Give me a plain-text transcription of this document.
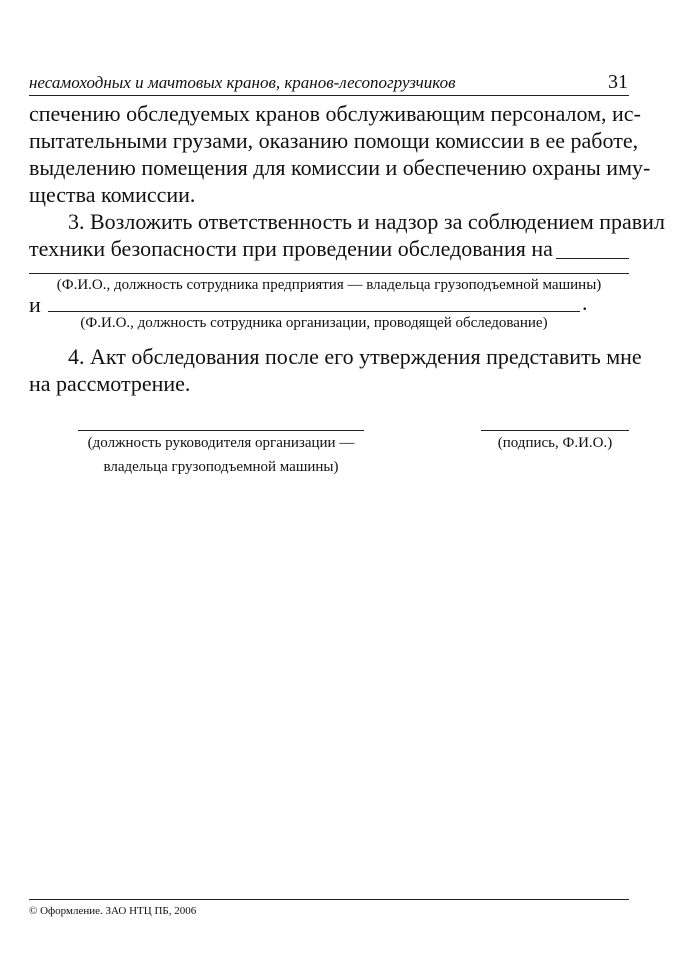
несамоходных и мачтовых кранов, кранов-лесопогрузчиков	31
спечению обследуемых кранов обслуживающим персоналом, ис-
пытательными грузами, оказанию помощи комиссии в ее работе,
выделению помещения для комиссии и обеспечению охраны иму-
щества комиссии.
3. Возложить ответственность и надзор за соблюдением правил
техники безопасности при проведении обследования на
(Ф.И.О., должность сотрудника предприятия — владельца грузоподъемной машины)
и	.
(Ф.И.О., должность сотрудника организации, проводящей обследование)
4. Акт обследования после его утверждения представить мне
на рассмотрение.
(должность руководителя организации —
владельца грузоподъемной машины)
(подпись, Ф.И.О.)
© Оформление. ЗАО НТЦ ПБ, 2006
